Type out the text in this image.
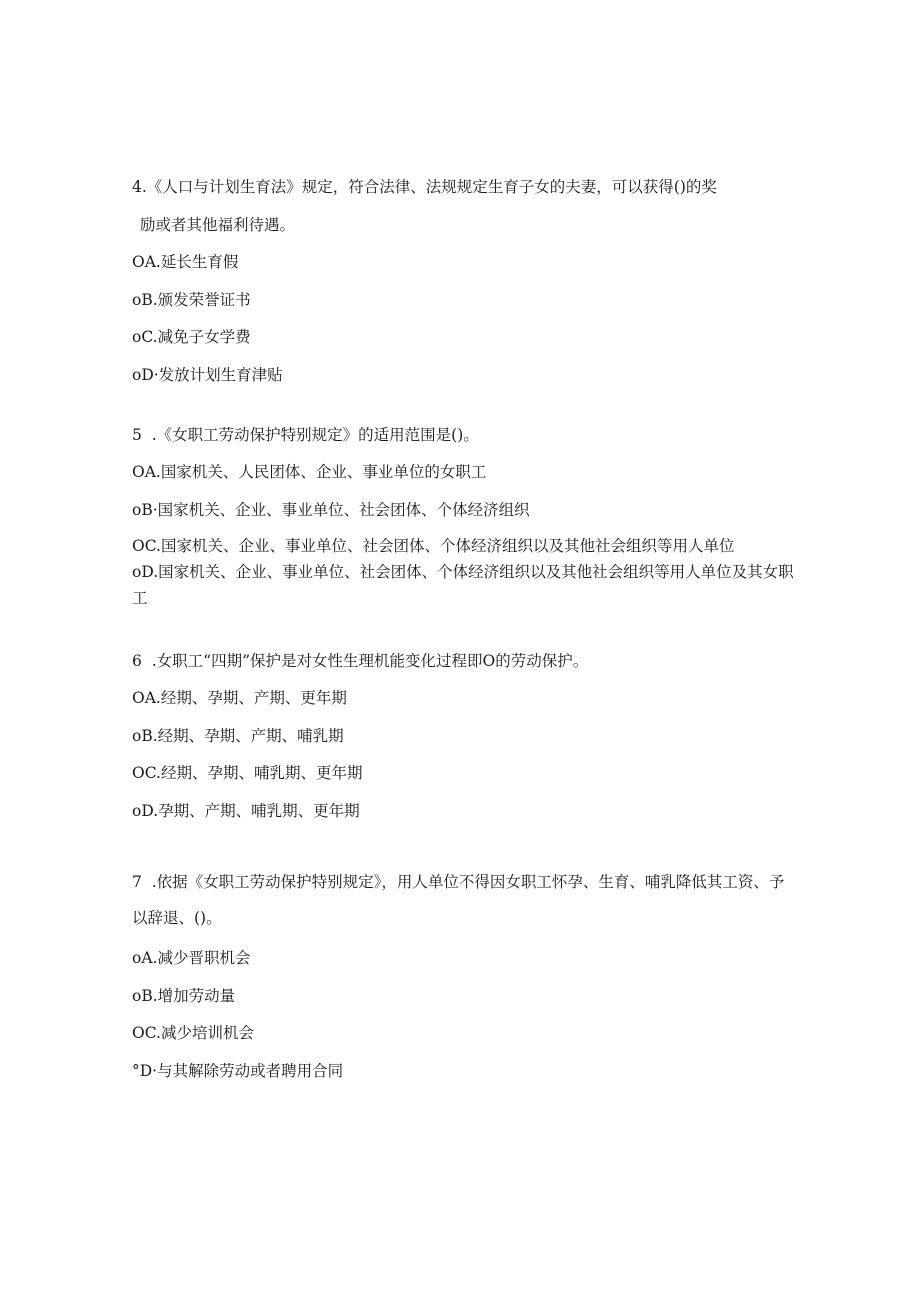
4.《人口与计划生育法》规定，符合法律、法规规定生育子女的夫妻，可以获得()的奖

励或者其他福利待遇。

OA.延长生育假

oB.颁发荣誉证书

oC.减免子女学费

oD·发放计划生育津贴

5  .《女职工劳动保护特别规定》的适用范围是()。

OA.国家机关、人民团体、企业、事业单位的女职工

oB·国家机关、企业、事业单位、社会团体、个体经济组织

OC.国家机关、企业、事业单位、社会团体、个体经济组织以及其他社会组织等用人单位

oD.国家机关、企业、事业单位、社会团体、个体经济组织以及其他社会组织等用人单位及其女职工

6  .女职工“四期”保护是对女性生理机能变化过程即O的劳动保护。

OA.经期、孕期、产期、更年期

oB.经期、孕期、产期、哺乳期

OC.经期、孕期、哺乳期、更年期

oD.孕期、产期、哺乳期、更年期

7  .依据《女职工劳动保护特别规定》，用人单位不得因女职工怀孕、生育、哺乳降低其工资、予以辞退、()。

oA.减少晋职机会

oB.增加劳动量

OC.减少培训机会

°D·与其解除劳动或者聘用合同
